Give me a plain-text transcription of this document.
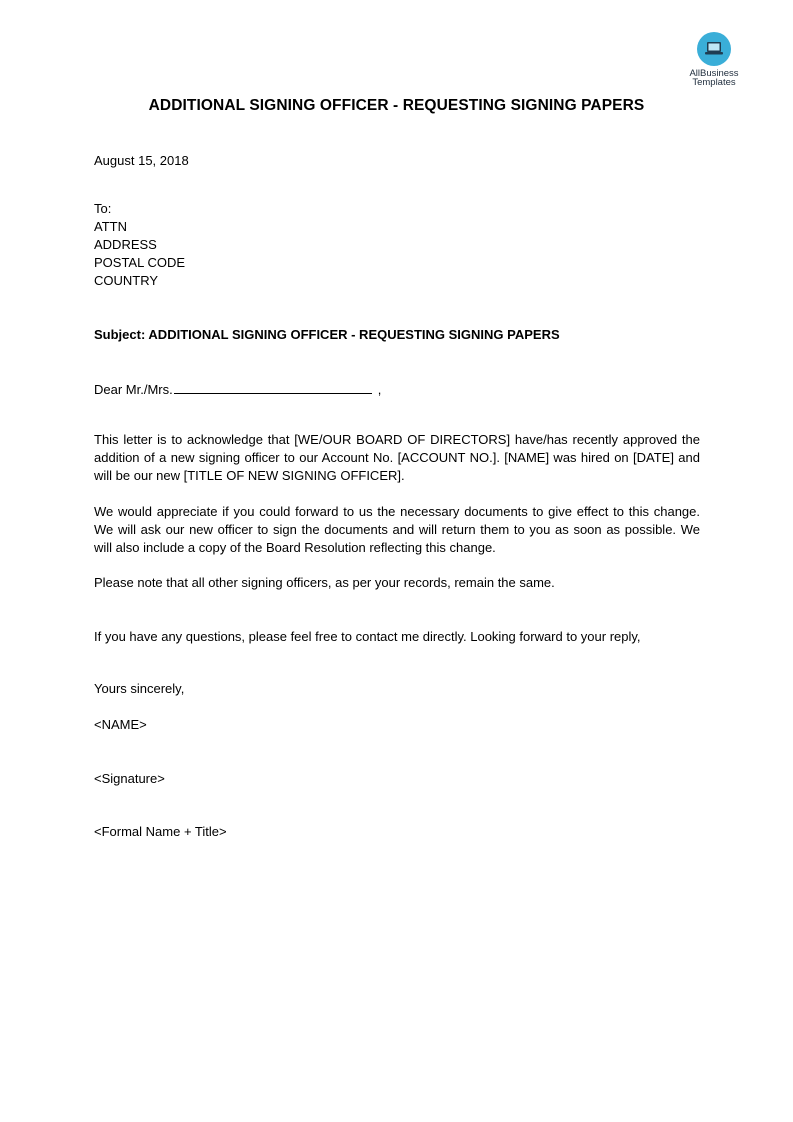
AllBusiness
Templates
ADDITIONAL SIGNING OFFICER - REQUESTING SIGNING PAPERS
August 15, 2018
To:
ATTN
ADDRESS
POSTAL CODE
COUNTRY
Subject: ADDITIONAL SIGNING OFFICER - REQUESTING SIGNING PAPERS
Dear Mr./Mrs.	,
This letter is to acknowledge that [WE/OUR BOARD OF DIRECTORS] have/has recently approved the addition of a new signing officer to our Account No. [ACCOUNT NO.]. [NAME] was hired on [DATE] and will be our new [TITLE OF NEW SIGNING OFFICER].
We would appreciate if you could forward to us the necessary documents to give effect to this change. We will ask our new officer to sign the documents and will return them to you as soon as possible. We will also include a copy of the Board Resolution reflecting this change.
Please note that all other signing officers, as per your records, remain the same.
If you have any questions, please feel free to contact me directly. Looking forward to your reply,
Yours sincerely,
<NAME>
<Signature>
<Formal Name + Title>
